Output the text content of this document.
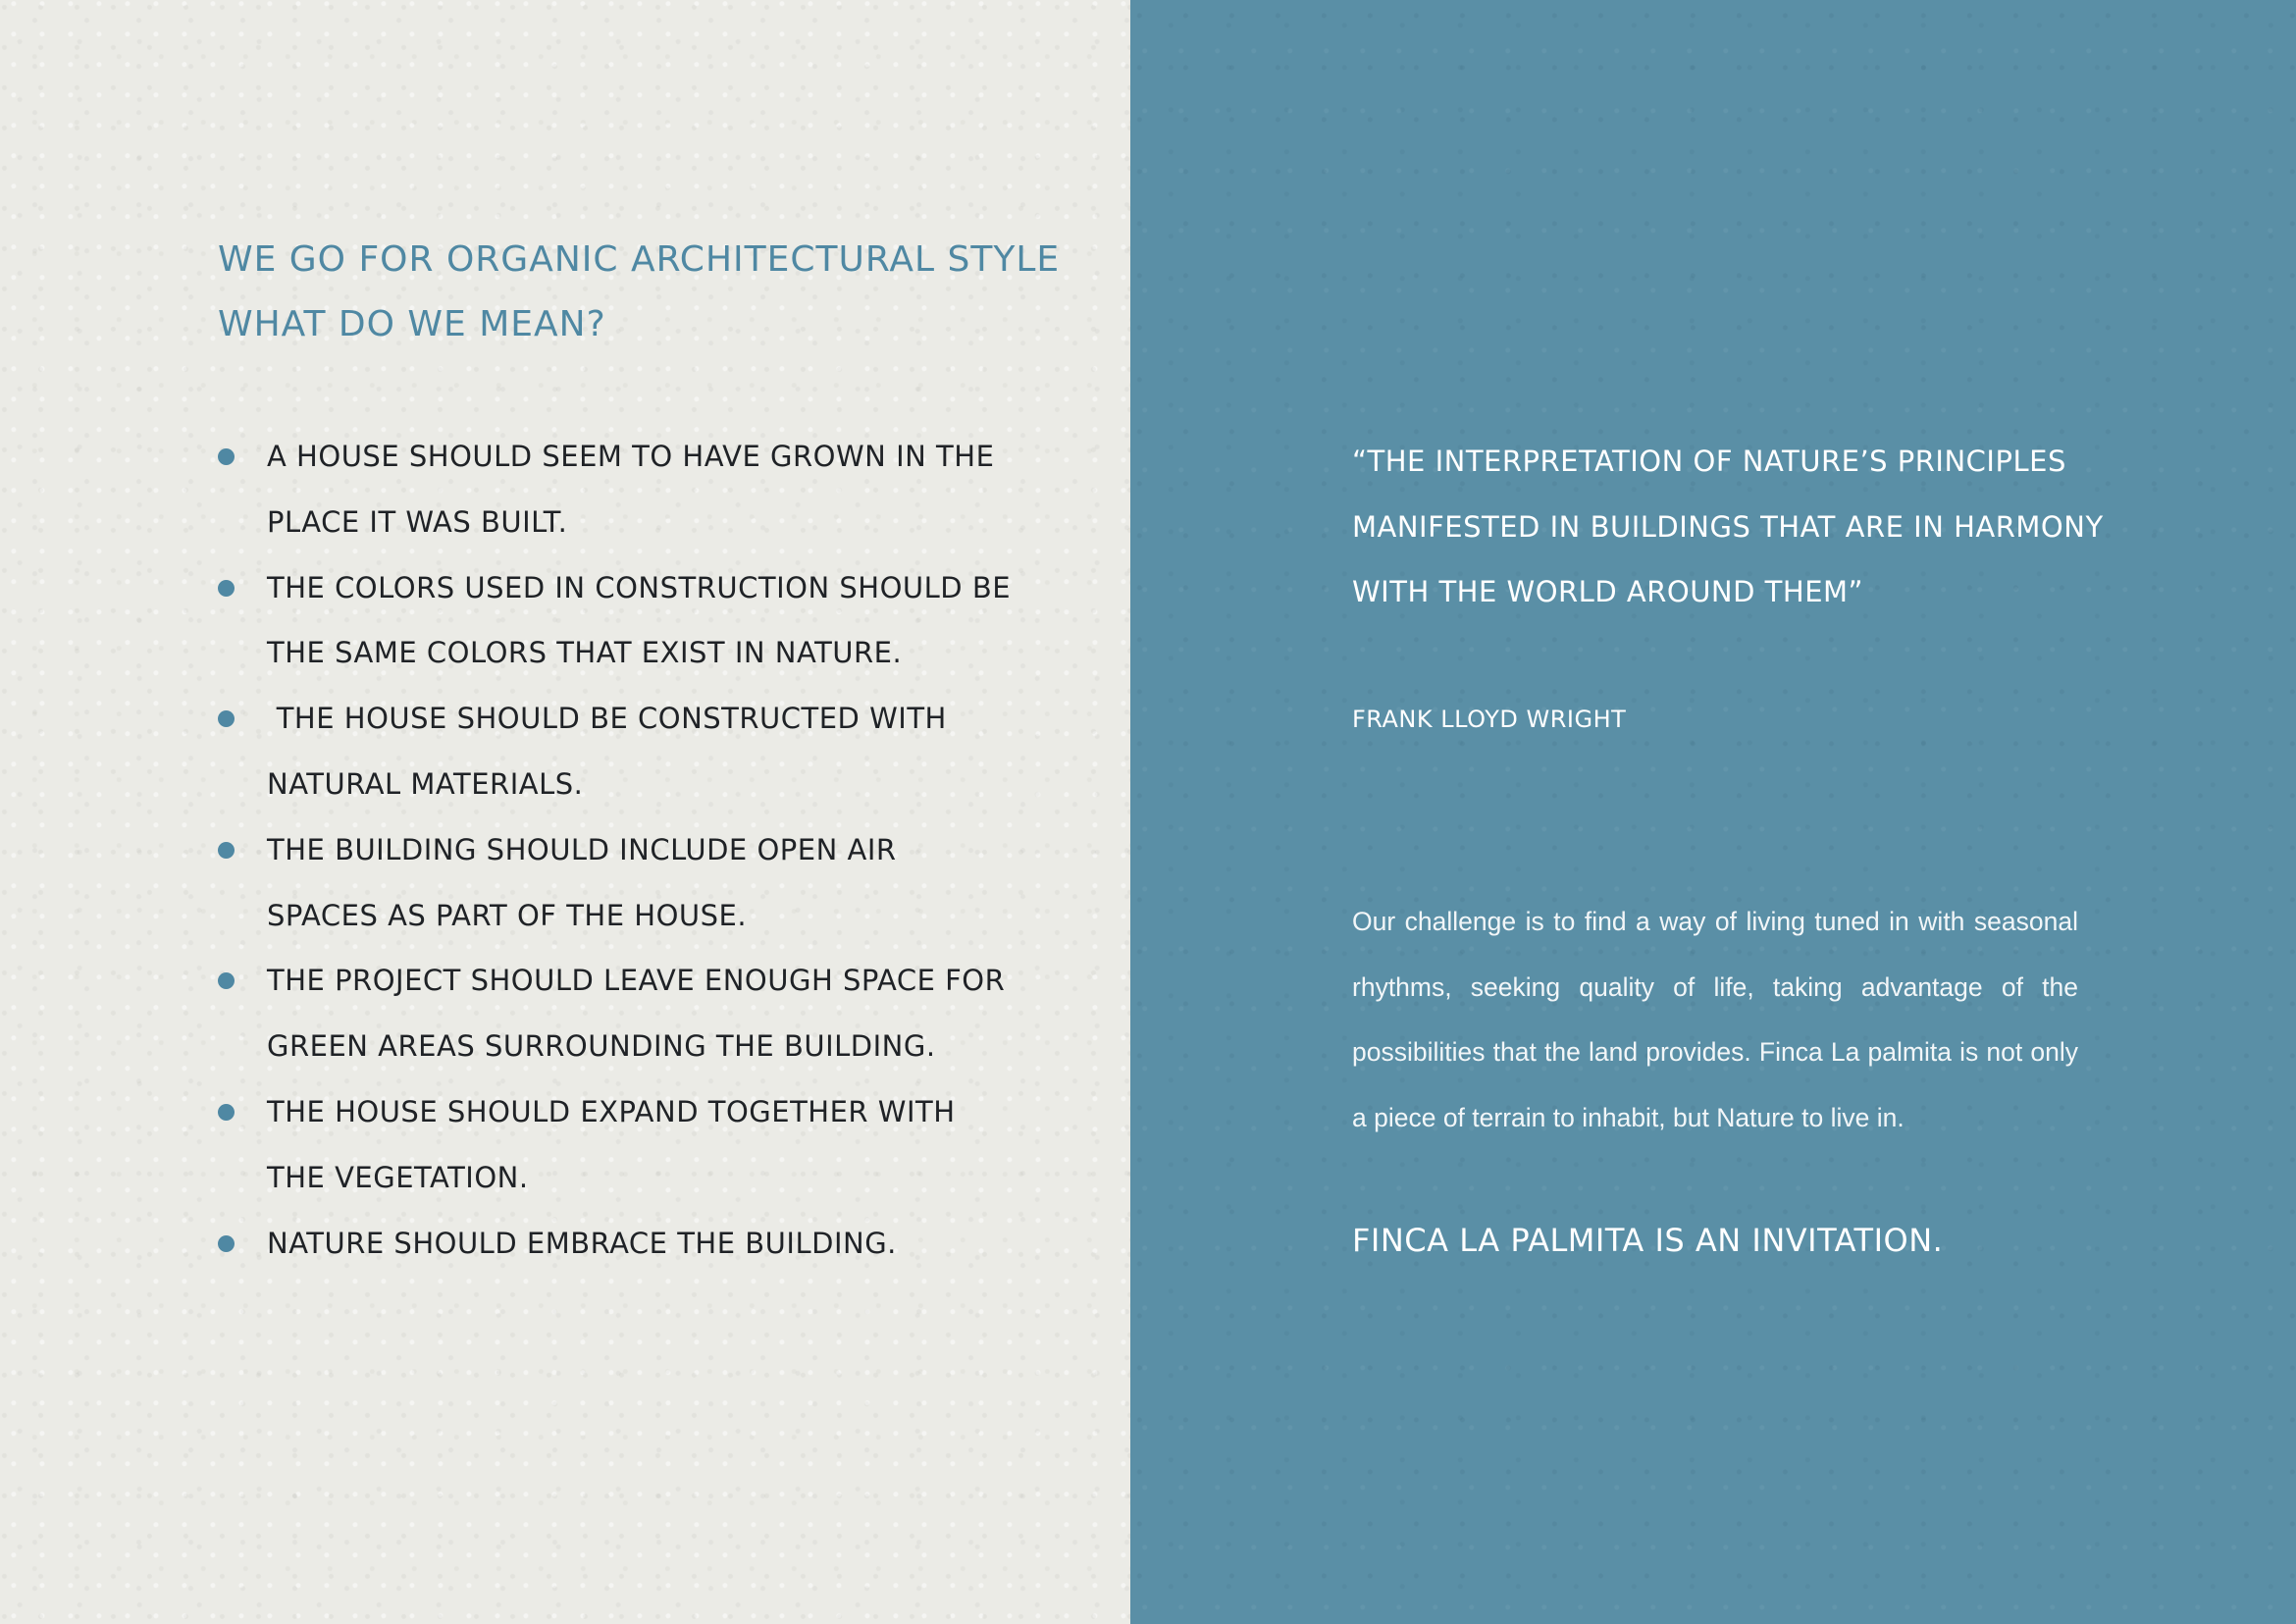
WE GO FOR ORGANIC ARCHITECTURAL STYLE
WHAT DO WE MEAN?
A HOUSE SHOULD SEEM TO HAVE GROWN IN THE PLACE IT WAS BUILT.
THE COLORS USED IN CONSTRUCTION SHOULD BE THE SAME COLORS THAT EXIST IN NATURE.
THE HOUSE SHOULD BE CONSTRUCTED WITH NATURAL MATERIALS.
THE BUILDING SHOULD INCLUDE OPEN AIR SPACES AS PART OF THE HOUSE.
THE PROJECT SHOULD LEAVE ENOUGH SPACE FOR GREEN AREAS SURROUNDING THE BUILDING.
THE HOUSE SHOULD EXPAND TOGETHER WITH THE VEGETATION.
NATURE SHOULD EMBRACE THE BUILDING.
“THE INTERPRETATION OF NATURE’S PRINCIPLES
MANIFESTED IN BUILDINGS THAT ARE IN HARMONY
WITH THE WORLD AROUND THEM”

FRANK LLOYD WRIGHT

Our challenge is to find a way of living tuned in with seasonal rhythms, seeking quality of life, taking advantage of the possibilities that the land provides. Finca La palmita is not only a piece of terrain to inhabit, but Nature to live in.

FINCA LA PALMITA IS AN INVITATION.
